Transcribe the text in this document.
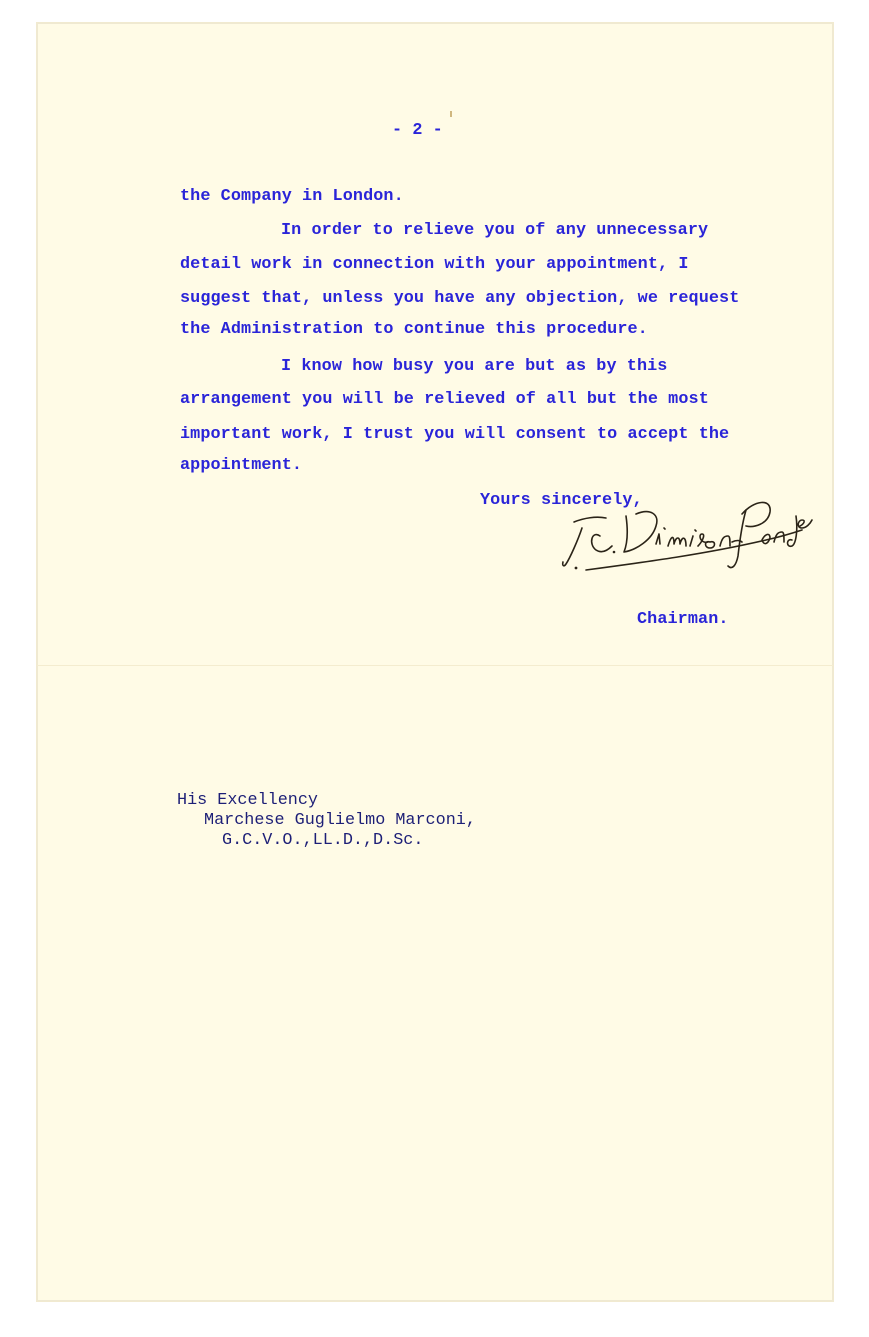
- 2 -
the Company in London.
In order to relieve you of any unnecessary
detail work in connection with your appointment, I
suggest that, unless you have any objection, we request
the Administration to continue this procedure.
I know how busy you are but as by this
arrangement you will be relieved of all but the most
important work, I trust you will consent to accept the
appointment.
Yours sincerely,
Chairman.
His Excellency
Marchese Guglielmo Marconi,
G.C.V.O.,LL.D.,D.Sc.
